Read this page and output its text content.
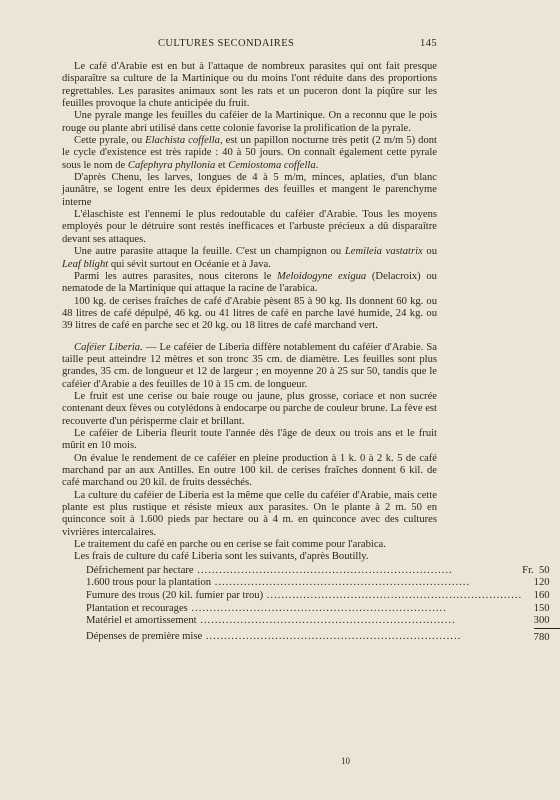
CULTURES SECONDAIRES	145

Le café d'Arabie est en but à l'attaque de nombreux parasites qui ont fait presque disparaître sa culture de la Martinique ou du moins l'ont réduite dans des proportions regrettables. Les parasites animaux sont les rats et un puceron dont la piqûre sur les feuilles provoque la chute anticipée du fruit.

Une pyrale mange les feuilles du caféier de la Martinique. On a reconnu que le pois rouge ou plante abri utilisé dans cette colonie favorise la prolification de la pyrale.

Cette pyrale, ou Elachista coffella, est un papillon nocturne très petit (2 m/m 5) dont le cycle d'existence est très rapide : 40 à 50 jours. On connaît également cette pyrale sous le nom de Cafephyra phyllonia et Cemiostoma coffella.

D'après Chenu, les larves, longues de 4 à 5 m/m, minces, aplaties, d'un blanc jaunâtre, se logent entre les deux épidermes des feuilles et mangent le parenchyme interne

L'élaschiste est l'ennemi le plus redoutable du caféier d'Arabie. Tous les moyens employés pour le détruire sont restés inefficaces et l'arbuste précieux a dû disparaître devant ses attaques.

Une autre parasite attaque la feuille. C'est un champignon ou Lemileia vastatrix ou Leaf blight qui sévit surtout en Océanie et à Java.

Parmi les autres parasites, nous citerons le Meloidogyne exigua (Delacroix) ou nematode de la Martinique qui attaque la racine de l'arabica.

100 kg. de cerises fraîches de café d'Arabie pèsent 85 à 90 kg. Ils donnent 60 kg. ou 48 litres de café dépulpé, 46 kg. ou 41 litres de café en parche lavé humide, 24 kg. ou 39 litres de café en parche sec et 20 kg. ou 18 litres de café marchand vert.

Caféier Liberia. — Le caféier de Liberia diffère notablement du caféier d'Arabie. Sa taille peut atteindre 12 mètres et son tronc 35 cm. de diamètre. Les feuilles sont plus grandes, 35 cm. de longueur et 12 de largeur ; en moyenne 20 à 25 sur 50, tandis que le caféier d'Arabie a des feuilles de 10 à 15 cm. de longueur.

Le fruit est une cerise ou baie rouge ou jaune, plus grosse, coriace et non sucrée contenant deux fèves ou cotylédons à endocarpe ou parche de couleur brune. La fève est recouverte d'un périsperme clair et brillant.

Le caféier de Liberia fleurit toute l'année dès l'âge de deux ou trois ans et le fruit mûrit en 10 mois.

On évalue le rendement de ce caféier en pleine production à 1 k. 0 à 2 k. 5 de café marchand par an aux Antilles. En outre 100 kil. de cerises fraîches donnent 6 kil. de café marchand ou 20 kil. de fruits desséchés.

La culture du caféier de Liberia est la même que celle du caféier d'Arabie, mais cette plante est plus rustique et résiste mieux aux parasites. On le plante à 2 m. 50 en quinconce soit à 1.600 pieds par hectare ou à 4 m. en quinconce avec des cultures vivrières intercalaires.

Le traitement du café en parche ou en cerise se fait comme pour l'arabica.

Les frais de culture du café Liberia sont les suivants, d'après Boutilly.

Défrichement par hectare .....	Fr.	50
1.600 trous pour la plantation .....		120
Fumure des trous (20 kil. fumier par trou) .....		160
Plantation et recourages .....		150
Matériel et amortissement .....		300
Dépenses de première mise .....		780
10
